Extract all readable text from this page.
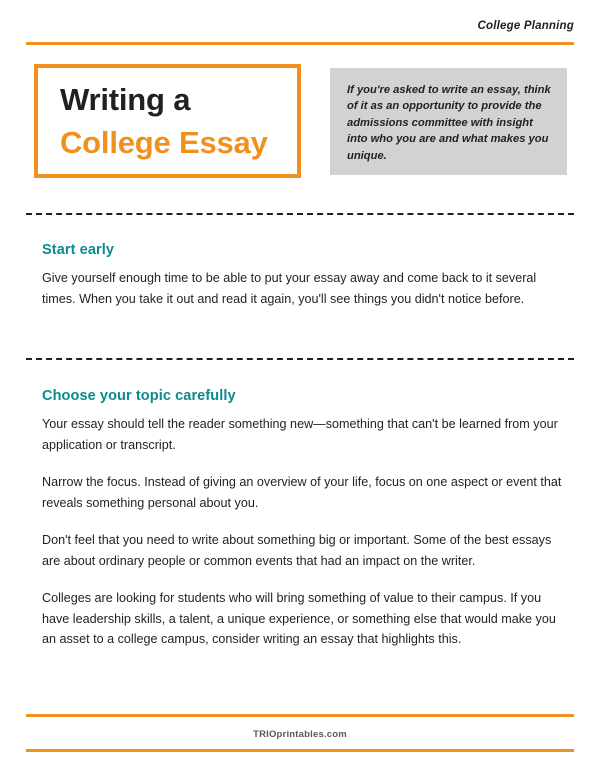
College Planning
Writing a
College Essay
If you're asked to write an essay, think of it as an opportunity to provide the admissions committee with insight into who you are and what makes you unique.
Start early

Give yourself enough time to be able to put your essay away and come back to it several times. When you take it out and read it again, you'll see things you didn't notice before.

Choose your topic carefully

Your essay should tell the reader something new—something that can't be learned from your application or transcript.

Narrow the focus. Instead of giving an overview of your life, focus on one aspect or event that reveals something personal about you.

Don't feel that you need to write about something big or important. Some of the best essays are about ordinary people or common events that had an impact on the writer.

Colleges are looking for students who will bring something of value to their campus. If you have leadership skills, a talent, a unique experience, or something else that would make you an asset to a college campus, consider writing an essay that highlights this.

TRIOprintables.com
